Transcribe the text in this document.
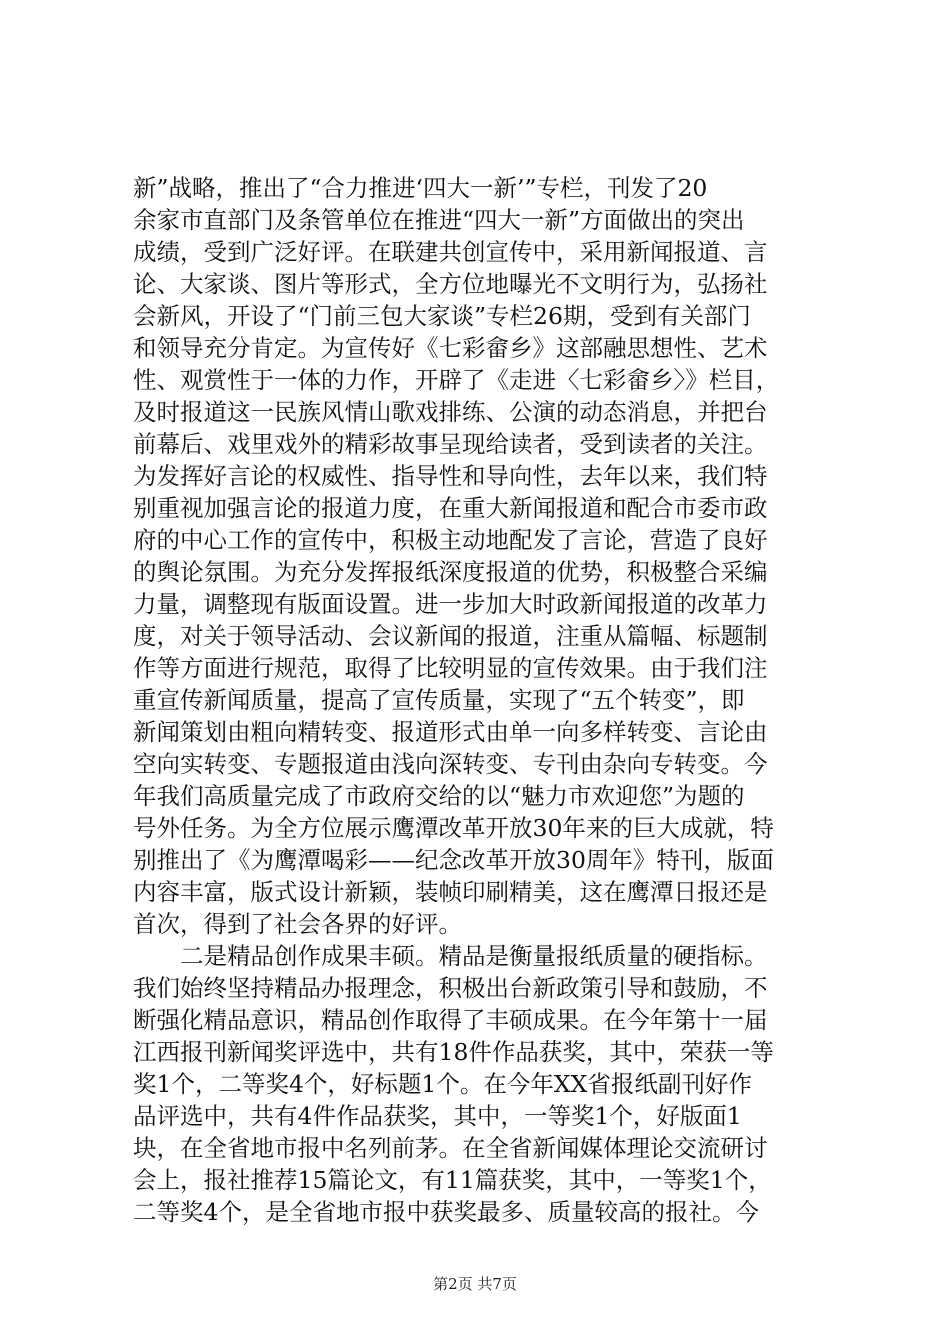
新”战略，推出了“合力推进‘四大一新’”专栏，刊发了20
余家市直部门及条管单位在推进“四大一新”方面做出的突出
成绩，受到广泛好评。在联建共创宣传中，采用新闻报道、言
论、大家谈、图片等形式，全方位地曝光不文明行为，弘扬社
会新风，开设了“门前三包大家谈”专栏26期，受到有关部门
和领导充分肯定。为宣传好《七彩畲乡》这部融思想性、艺术
性、观赏性于一体的力作，开辟了《走进〈七彩畲乡〉》栏目，
及时报道这一民族风情山歌戏排练、公演的动态消息，并把台
前幕后、戏里戏外的精彩故事呈现给读者，受到读者的关注。
为发挥好言论的权威性、指导性和导向性，去年以来，我们特
别重视加强言论的报道力度，在重大新闻报道和配合市委市政
府的中心工作的宣传中，积极主动地配发了言论，营造了良好
的舆论氛围。为充分发挥报纸深度报道的优势，积极整合采编
力量，调整现有版面设置。进一步加大时政新闻报道的改革力
度，对关于领导活动、会议新闻的报道，注重从篇幅、标题制
作等方面进行规范，取得了比较明显的宣传效果。由于我们注
重宣传新闻质量，提高了宣传质量，实现了“五个转变”，即
新闻策划由粗向精转变、报道形式由单一向多样转变、言论由
空向实转变、专题报道由浅向深转变、专刊由杂向专转变。今
年我们高质量完成了市政府交给的以“魅力市欢迎您”为题的
号外任务。为全方位展示鹰潭改革开放30年来的巨大成就，特
别推出了《为鹰潭喝彩——纪念改革开放30周年》特刊，版面
内容丰富，版式设计新颖，装帧印刷精美，这在鹰潭日报还是
首次，得到了社会各界的好评。
二是精品创作成果丰硕。精品是衡量报纸质量的硬指标。
我们始终坚持精品办报理念，积极出台新政策引导和鼓励，不
断强化精品意识，精品创作取得了丰硕成果。在今年第十一届
江西报刊新闻奖评选中，共有18件作品获奖，其中，荣获一等
奖1个，二等奖4个，好标题1个。在今年XX省报纸副刊好作
品评选中，共有4件作品获奖，其中，一等奖1个，好版面1
块，在全省地市报中名列前茅。在全省新闻媒体理论交流研讨
会上，报社推荐15篇论文，有11篇获奖，其中，一等奖1个，
二等奖4个，是全省地市报中获奖最多、质量较高的报社。今
第2页 共7页
